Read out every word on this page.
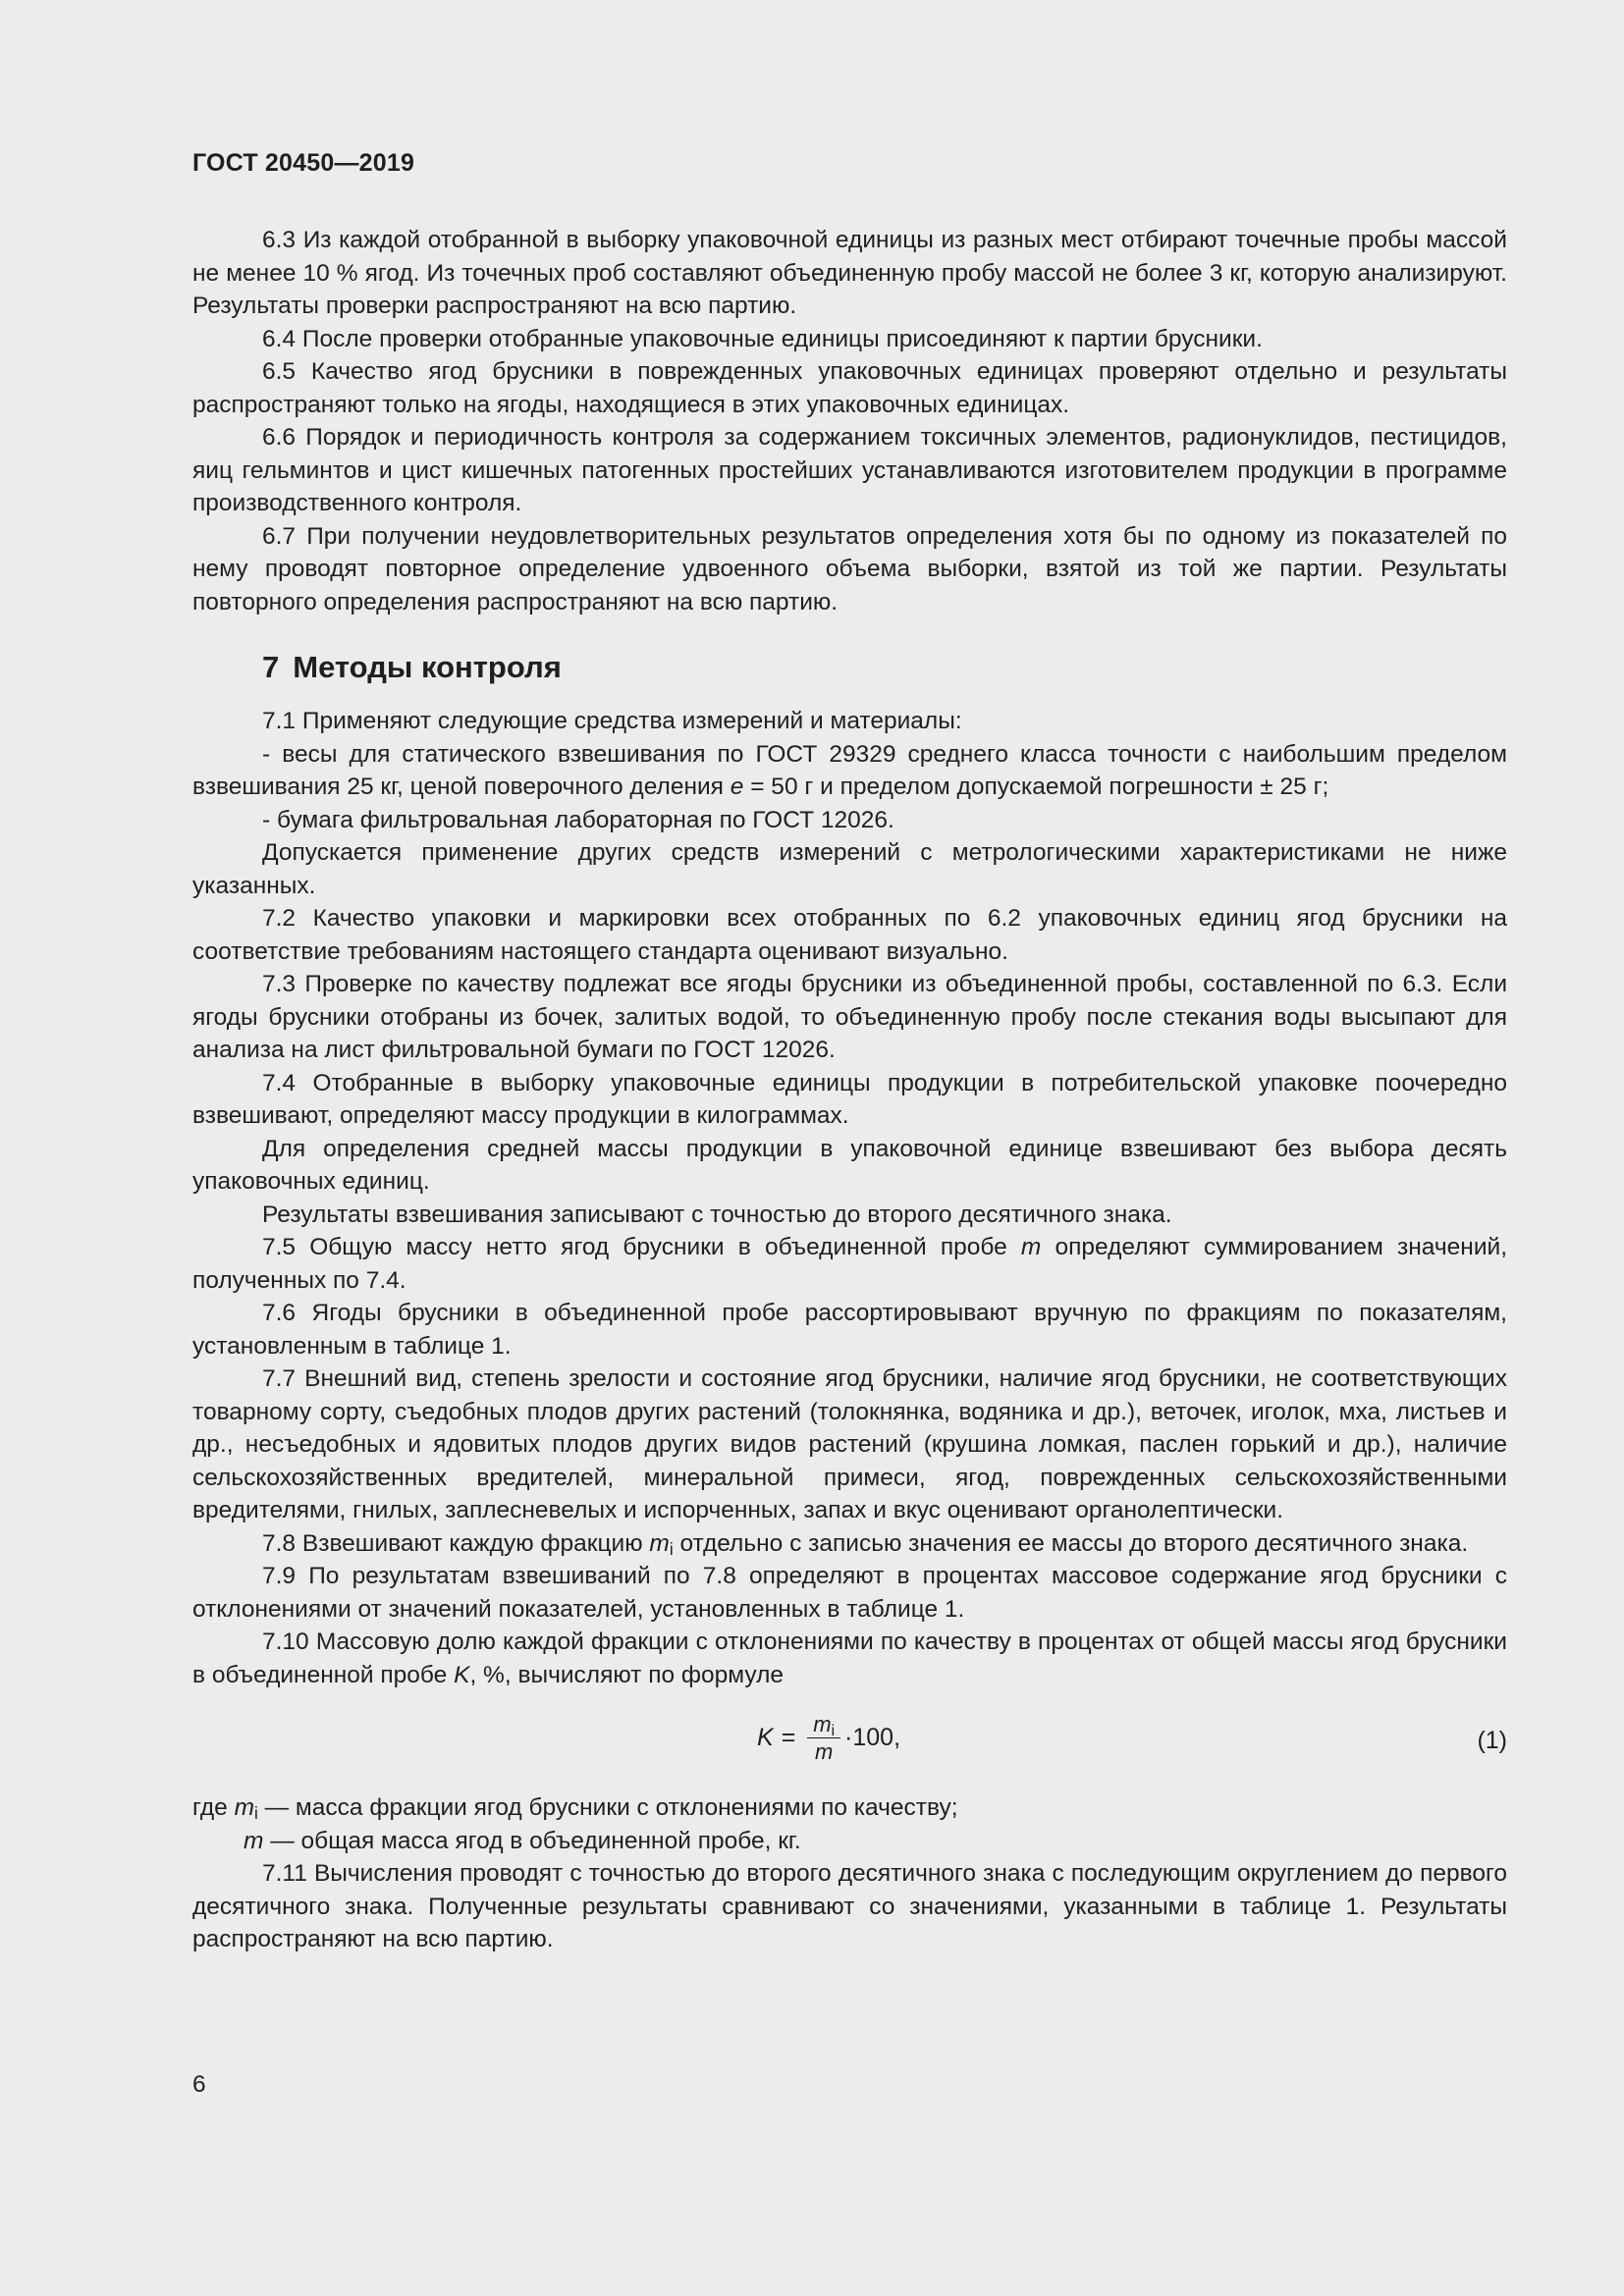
ГОСТ 20450—2019

6.3 Из каждой отобранной в выборку упаковочной единицы из разных мест отбирают точечные пробы массой не менее 10 % ягод. Из точечных проб составляют объединенную пробу массой не более 3 кг, которую анализируют. Результаты проверки распространяют на всю партию.

6.4 После проверки отобранные упаковочные единицы присоединяют к партии брусники.

6.5 Качество ягод брусники в поврежденных упаковочных единицах проверяют отдельно и результаты распространяют только на ягоды, находящиеся в этих упаковочных единицах.

6.6 Порядок и периодичность контроля за содержанием токсичных элементов, радионуклидов, пестицидов, яиц гельминтов и цист кишечных патогенных простейших устанавливаются изготовителем продукции в программе производственного контроля.

6.7 При получении неудовлетворительных результатов определения хотя бы по одному из показателей по нему проводят повторное определение удвоенного объема выборки, взятой из той же партии. Результаты повторного определения распространяют на всю партию.

7 Методы контроля

7.1 Применяют следующие средства измерений и материалы:

- весы для статического взвешивания по ГОСТ 29329 среднего класса точности с наибольшим пределом взвешивания 25 кг, ценой поверочного деления е = 50 г и пределом допускаемой погрешности ± 25 г;

- бумага фильтровальная лабораторная по ГОСТ 12026.

Допускается применение других средств измерений с метрологическими характеристиками не ниже указанных.

7.2 Качество упаковки и маркировки всех отобранных по 6.2 упаковочных единиц ягод брусники на соответствие требованиям настоящего стандарта оценивают визуально.

7.3 Проверке по качеству подлежат все ягоды брусники из объединенной пробы, составленной по 6.3. Если ягоды брусники отобраны из бочек, залитых водой, то объединенную пробу после стекания воды высыпают для анализа на лист фильтровальной бумаги по ГОСТ 12026.

7.4 Отобранные в выборку упаковочные единицы продукции в потребительской упаковке поочередно взвешивают, определяют массу продукции в килограммах.

Для определения средней массы продукции в упаковочной единице взвешивают без выбора десять упаковочных единиц.

Результаты взвешивания записывают с точностью до второго десятичного знака.

7.5 Общую массу нетто ягод брусники в объединенной пробе m определяют суммированием значений, полученных по 7.4.

7.6 Ягоды брусники в объединенной пробе рассортировывают вручную по фракциям по показателям, установленным в таблице 1.

7.7 Внешний вид, степень зрелости и состояние ягод брусники, наличие ягод брусники, не соответствующих товарному сорту, съедобных плодов других растений (толокнянка, водяника и др.), веточек, иголок, мха, листьев и др., несъедобных и ядовитых плодов других видов растений (крушина ломкая, паслен горький и др.), наличие сельскохозяйственных вредителей, минеральной примеси, ягод, поврежденных сельскохозяйственными вредителями, гнилых, заплесневелых и испорченных, запах и вкус оценивают органолептически.

7.8 Взвешивают каждую фракцию $m_i$ отдельно с записью значения ее массы до второго десятичного знака.

7.9 По результатам взвешиваний по 7.8 определяют в процентах массовое содержание ягод брусники с отклонениями от значений показателей, установленных в таблице 1.

7.10 Массовую долю каждой фракции с отклонениями по качеству в процентах от общей массы ягод брусники в объединенной пробе K, %, вычисляют по формуле

$K = \frac{m_i}{m} \cdot 100$,	(1)

где $m_i$ — масса фракции ягод брусники с отклонениями по качеству;

m — общая масса ягод в объединенной пробе, кг.

7.11 Вычисления проводят с точностью до второго десятичного знака с последующим округлением до первого десятичного знака. Полученные результаты сравнивают со значениями, указанными в таблице 1. Результаты распространяют на всю партию.

6
